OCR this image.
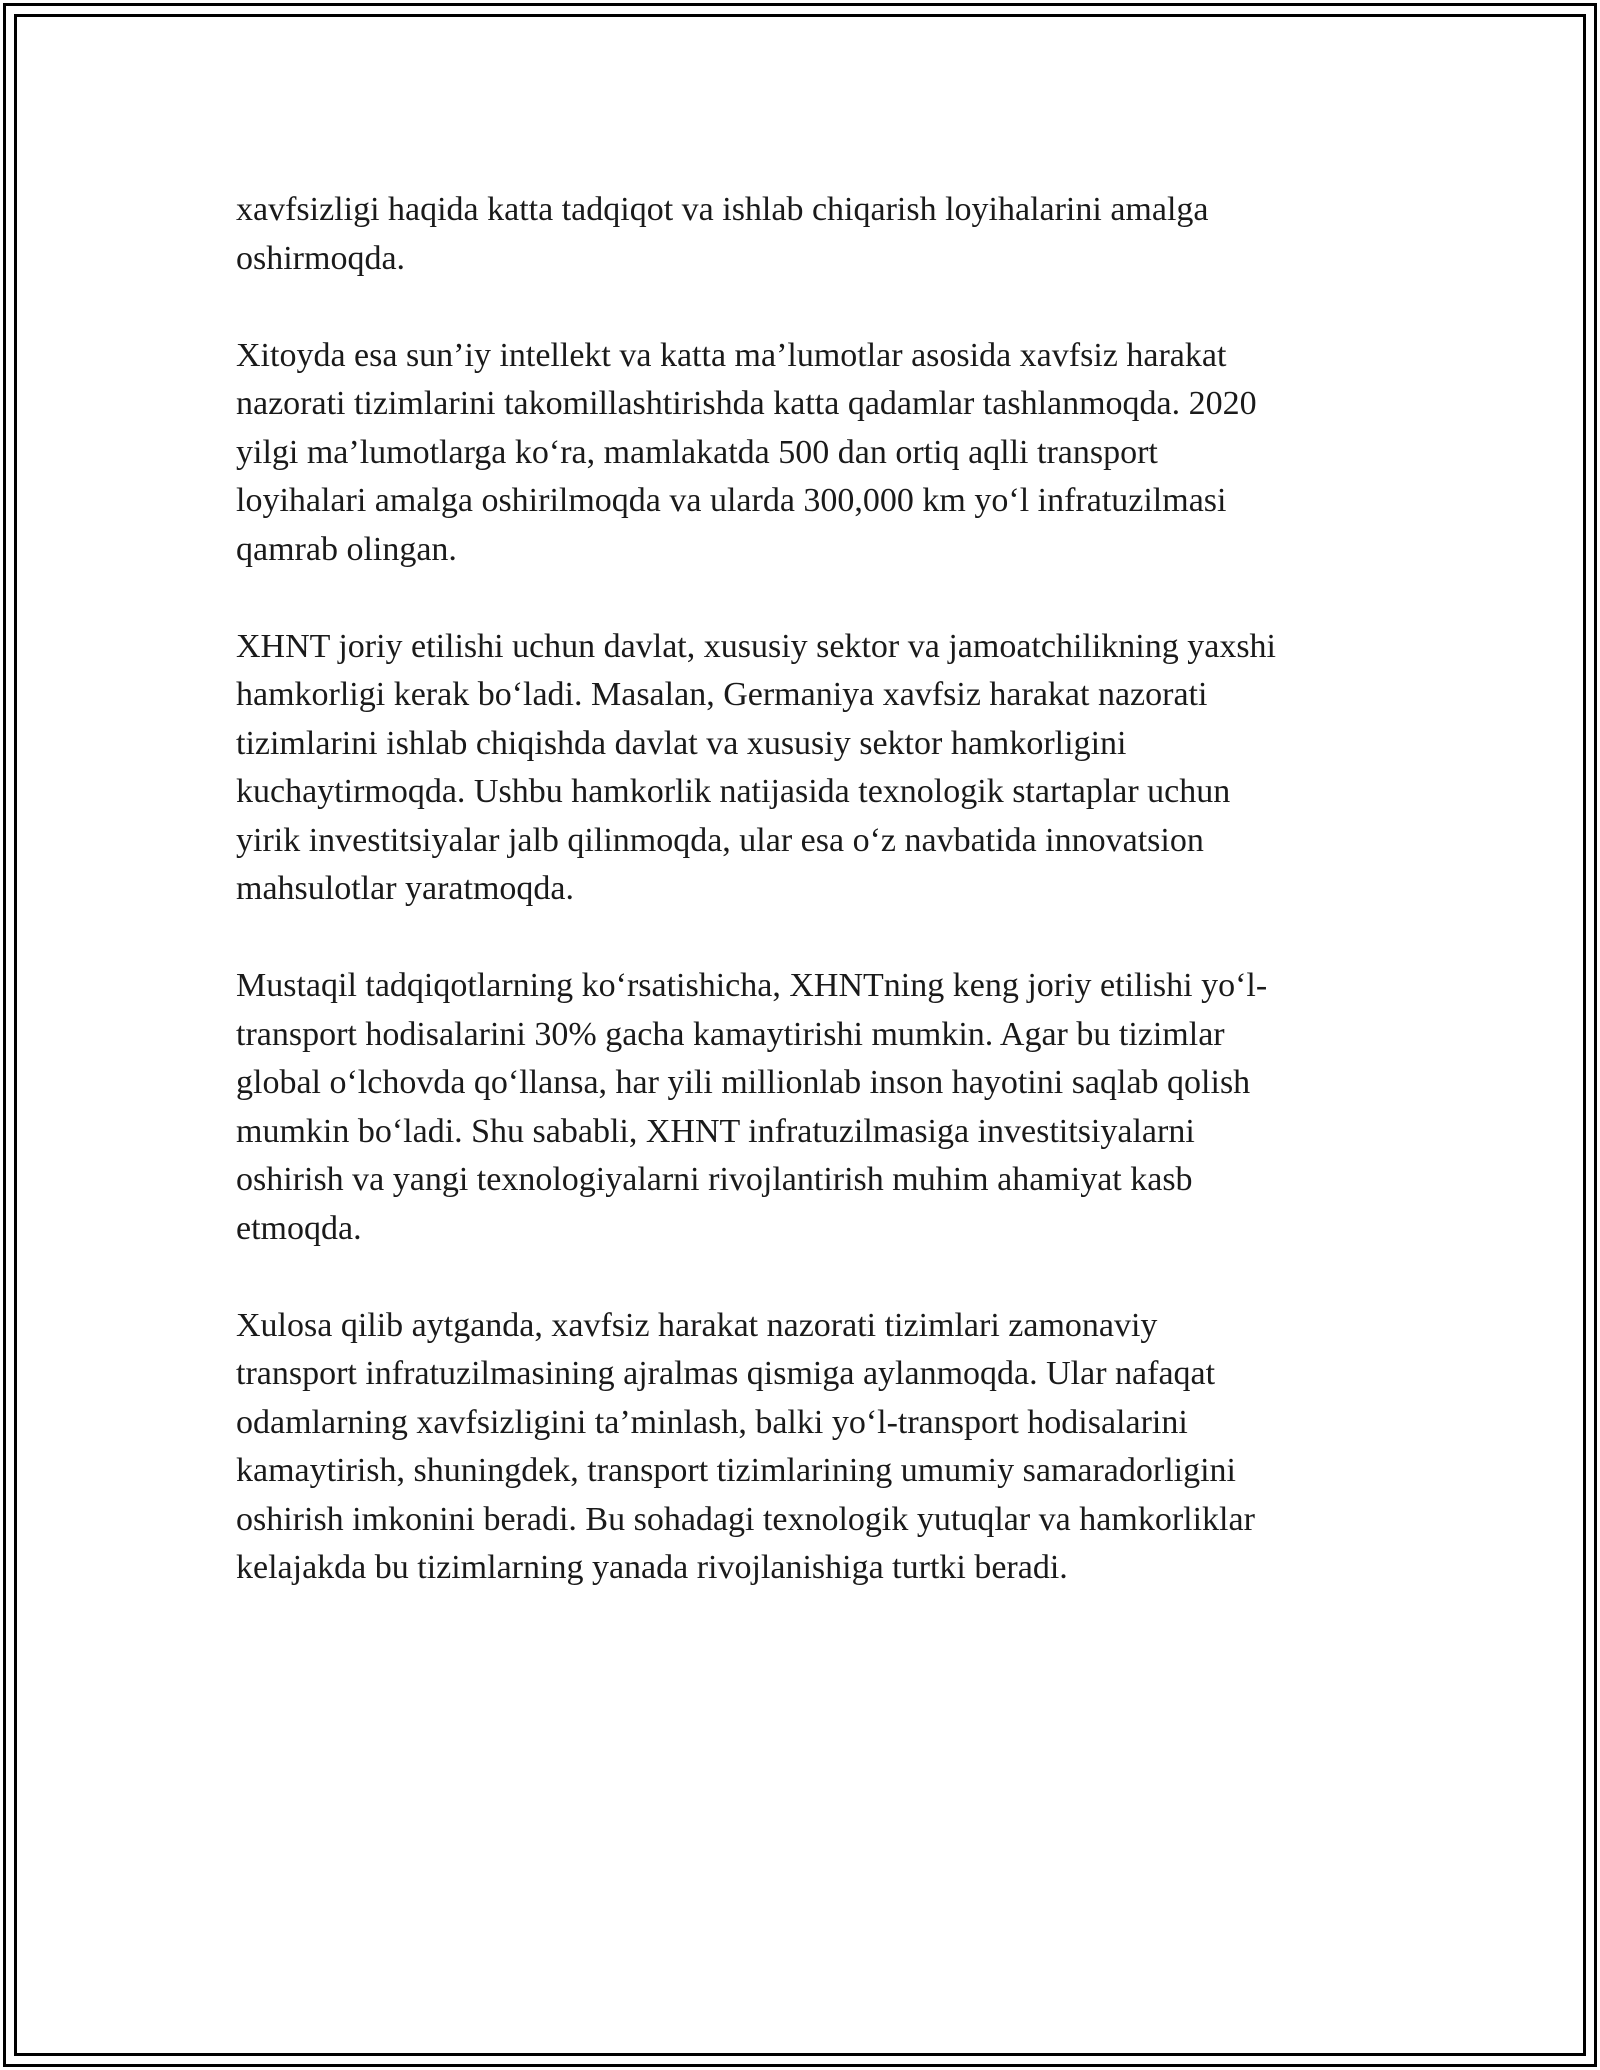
xavfsizligi haqida katta tadqiqot va ishlab chiqarish loyihalarini amalga
oshirmoqda.

Xitoyda esa sun’iy intellekt va katta ma’lumotlar asosida xavfsiz harakat
nazorati tizimlarini takomillashtirishda katta qadamlar tashlanmoqda. 2020
yilgi ma’lumotlarga ko‘ra, mamlakatda 500 dan ortiq aqlli transport
loyihalari amalga oshirilmoqda va ularda 300,000 km yo‘l infratuzilmasi
qamrab olingan.

XHNT joriy etilishi uchun davlat, xususiy sektor va jamoatchilikning yaxshi
hamkorligi kerak bo‘ladi. Masalan, Germaniya xavfsiz harakat nazorati
tizimlarini ishlab chiqishda davlat va xususiy sektor hamkorligini
kuchaytirmoqda. Ushbu hamkorlik natijasida texnologik startaplar uchun
yirik investitsiyalar jalb qilinmoqda, ular esa o‘z navbatida innovatsion
mahsulotlar yaratmoqda.

Mustaqil tadqiqotlarning ko‘rsatishicha, XHNTning keng joriy etilishi yo‘l-
transport hodisalarini 30% gacha kamaytirishi mumkin. Agar bu tizimlar
global o‘lchovda qo‘llansa, har yili millionlab inson hayotini saqlab qolish
mumkin bo‘ladi. Shu sababli, XHNT infratuzilmasiga investitsiyalarni
oshirish va yangi texnologiyalarni rivojlantirish muhim ahamiyat kasb
etmoqda.

Xulosa qilib aytganda, xavfsiz harakat nazorati tizimlari zamonaviy
transport infratuzilmasining ajralmas qismiga aylanmoqda. Ular nafaqat
odamlarning xavfsizligini ta’minlash, balki yo‘l-transport hodisalarini
kamaytirish, shuningdek, transport tizimlarining umumiy samaradorligini
oshirish imkonini beradi. Bu sohadagi texnologik yutuqlar va hamkorliklar
kelajakda bu tizimlarning yanada rivojlanishiga turtki beradi.
